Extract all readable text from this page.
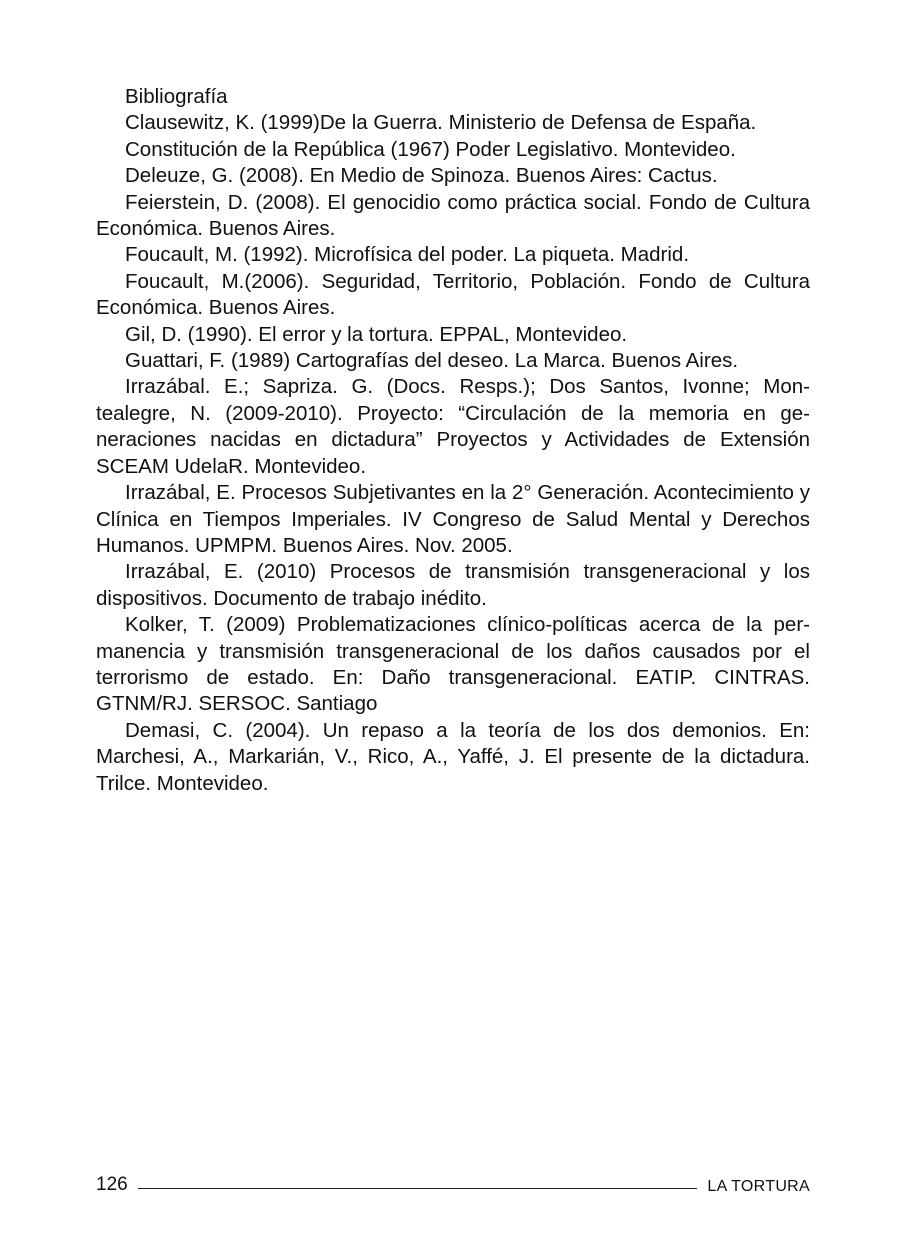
Bibliografía
Clausewitz, K. (1999)De la Guerra. Ministerio de Defensa de España.
Constitución de la República (1967) Poder Legislativo. Montevideo.
Deleuze, G. (2008). En Medio de Spinoza. Buenos Aires: Cactus.
Feierstein, D. (2008). El genocidio como práctica social. Fondo de Cultura Económica. Buenos Aires.
Foucault, M. (1992). Microfísica del poder. La piqueta. Madrid.
Foucault, M.(2006). Seguridad, Territorio, Población. Fondo de Cultura Económica. Buenos Aires.
Gil, D. (1990). El error y la tortura. EPPAL, Montevideo.
Guattari, F. (1989) Cartografías del deseo. La Marca. Buenos Aires.
Irrazábal. E.; Sapriza. G. (Docs. Resps.); Dos Santos, Ivonne; Montealegre, N. (2009-2010). Proyecto: “Circulación de la memoria en generaciones nacidas en dictadura” Proyectos y Actividades de Extensión SCEAM UdelaR. Montevideo.
Irrazábal, E. Procesos Subjetivantes en la 2° Generación. Acontecimiento y Clínica en Tiempos Imperiales. IV Congreso de Salud Mental y Derechos Humanos. UPMPM. Buenos Aires. Nov. 2005.
Irrazábal, E. (2010) Procesos de transmisión transgeneracional y los dispositivos. Documento de trabajo inédito.
Kolker, T. (2009) Problematizaciones clínico-políticas acerca de la permanencia y transmisión transgeneracional de los daños causados por el terrorismo de estado. En: Daño transgeneracional. EATIP. CINTRAS. GTNM/RJ. SERSOC. Santiago
Demasi, C. (2004). Un repaso a la teoría de los dos demonios. En: Marchesi, A., Markarián, V., Rico, A., Yaffé, J. El presente de la dictadura. Trilce. Montevideo.
126	LA TORTURA
